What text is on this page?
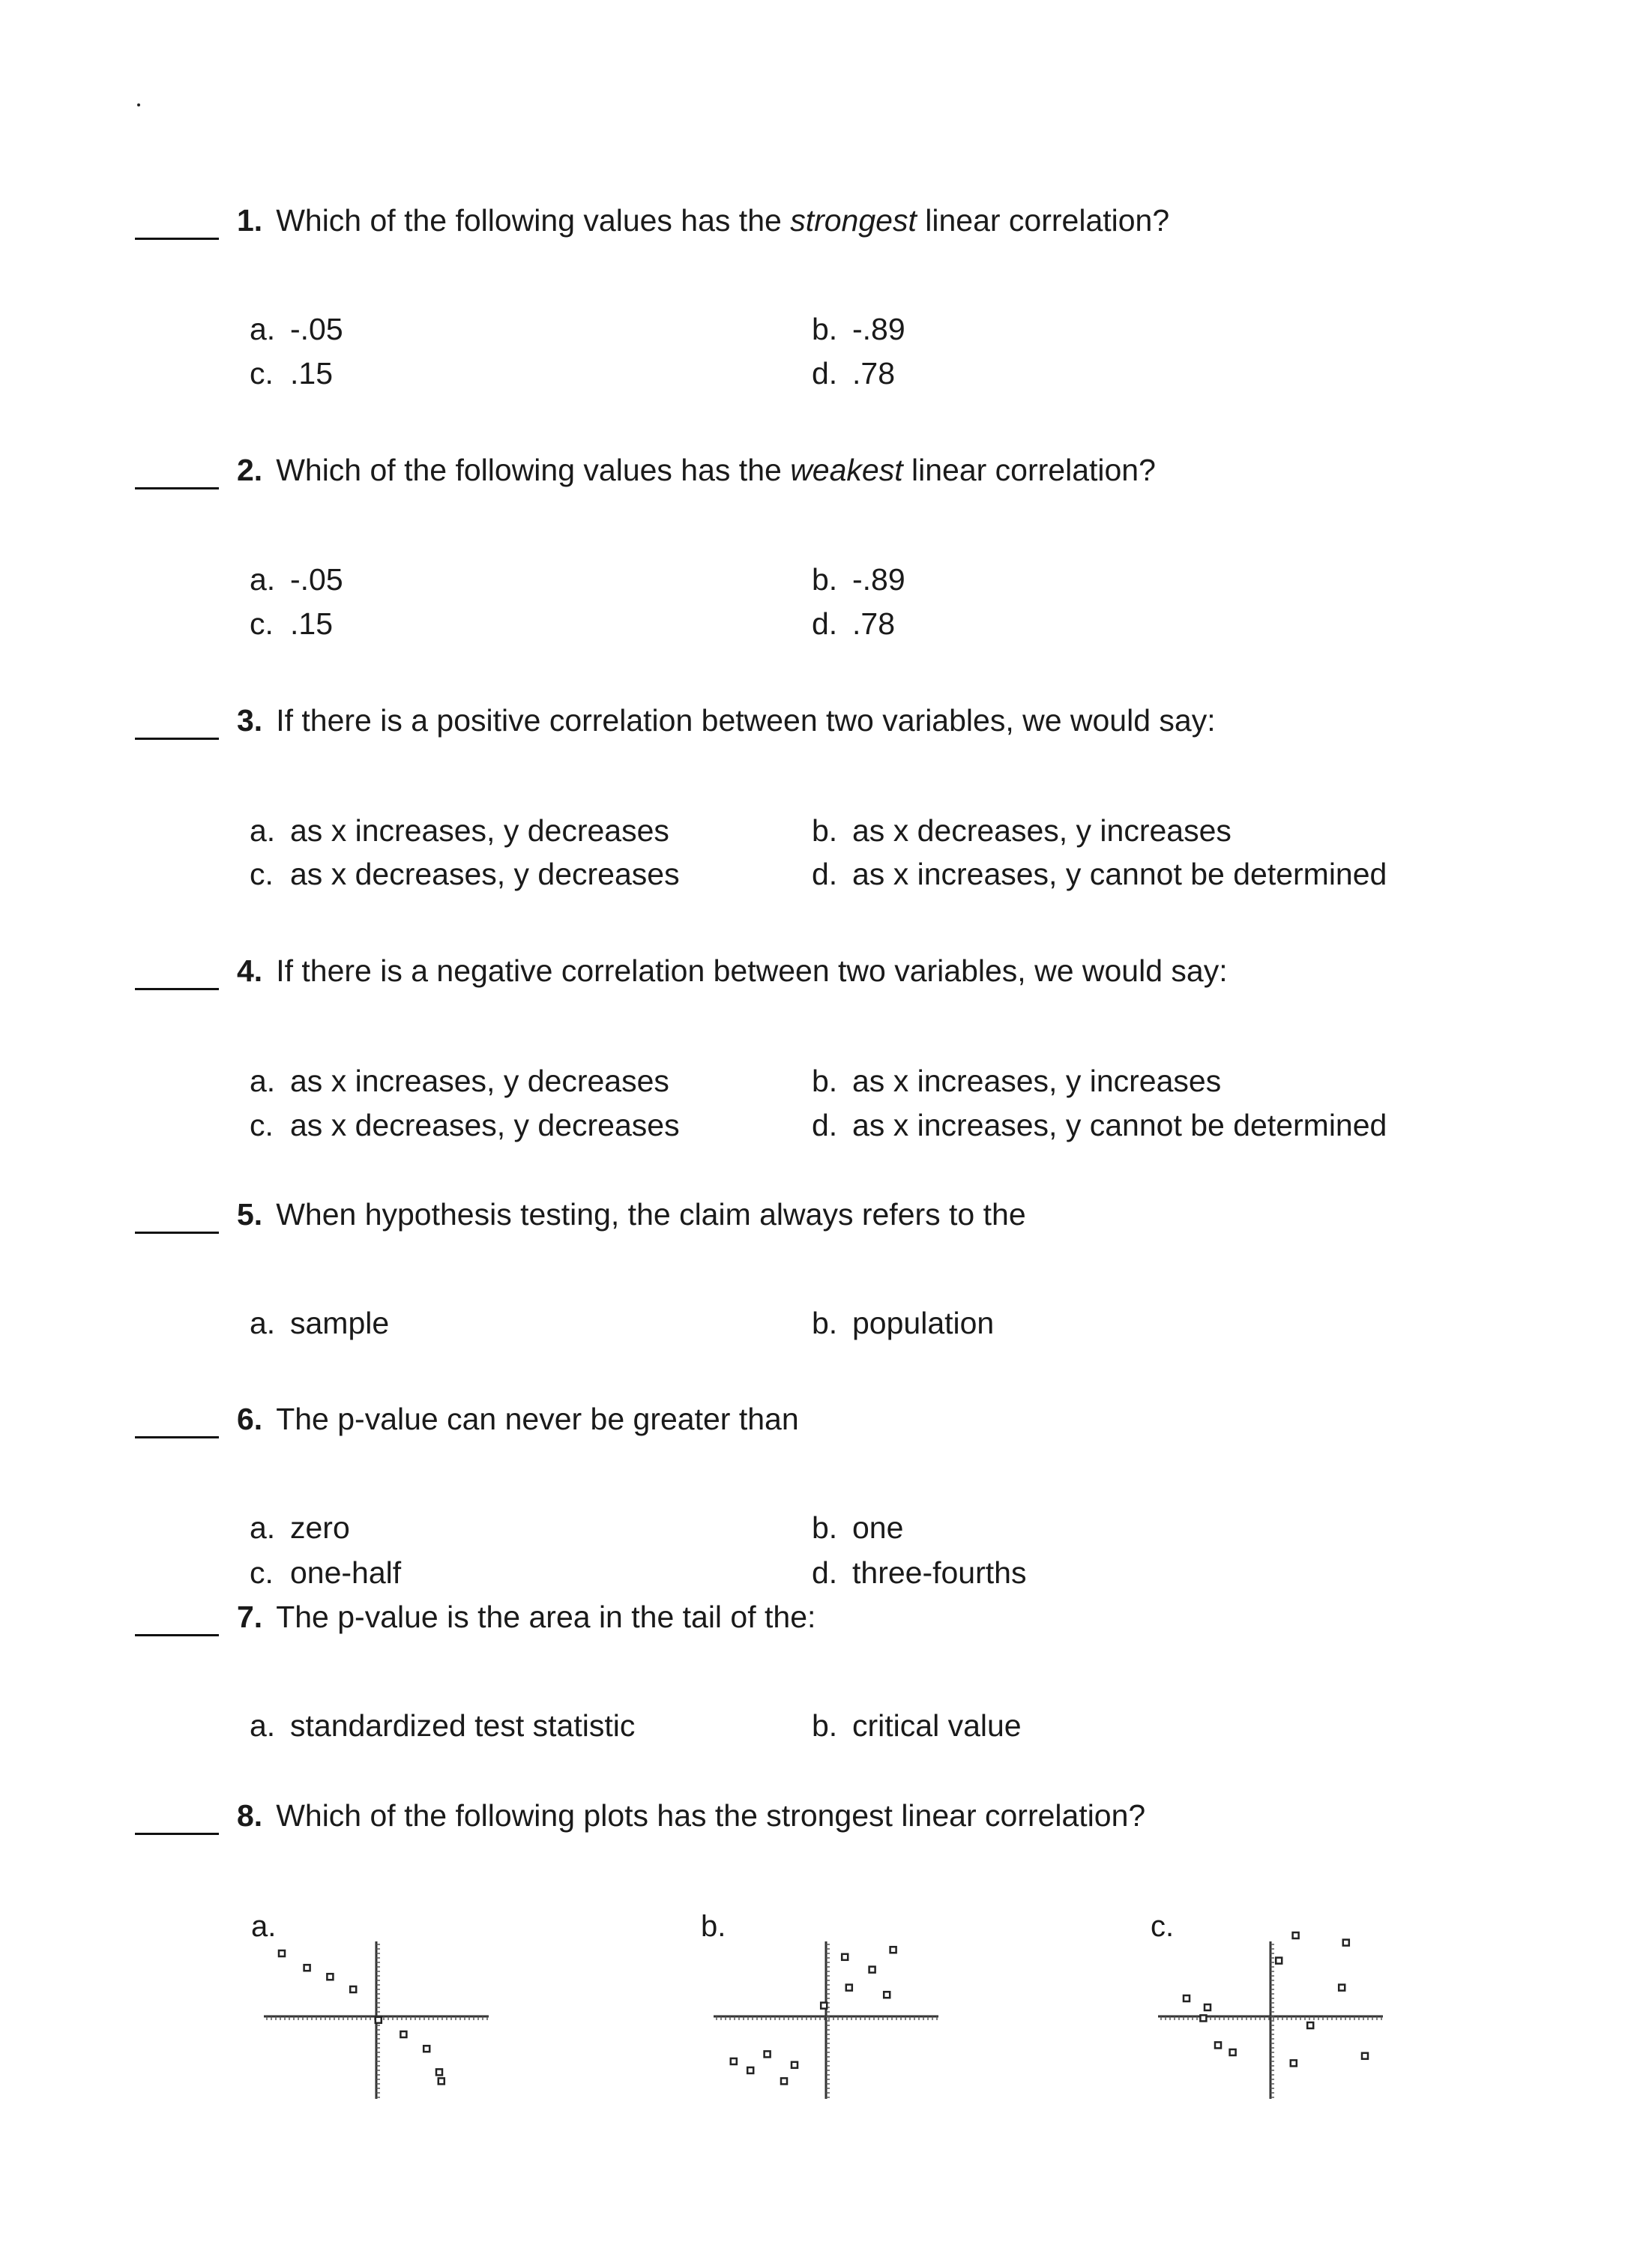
1. Which of the following values has the strongest linear correlation?
a. -.05	b. -.89
c. .15	d. .78
2. Which of the following values has the weakest linear correlation?
a. -.05	b. -.89
c. .15	d. .78
3. If there is a positive correlation between two variables, we would say:
a. as x increases, y decreases	b. as x decreases, y increases
c. as x decreases, y decreases	d. as x increases, y cannot be determined
4. If there is a negative correlation between two variables, we would say:
a. as x increases, y decreases	b. as x increases, y increases
c. as x decreases, y decreases	d. as x increases, y cannot be determined
5. When hypothesis testing, the claim always refers to the
a. sample	b. population
6. The p-value can never be greater than
a. zero	b. one
c. one-half	d. three-fourths
7. The p-value is the area in the tail of the:
a. standardized test statistic	b. critical value
8. Which of the following plots has the strongest linear correlation?
a.	b.	c.
